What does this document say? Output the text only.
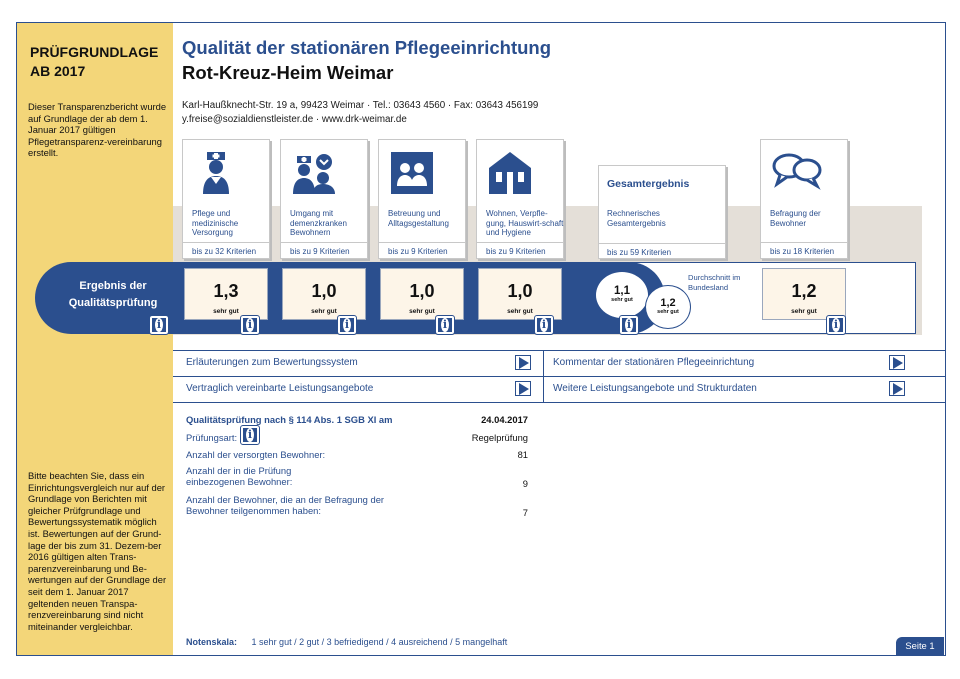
PRÜFGRUNDLAGE
AB 2017
Dieser Transparenzbericht wurde auf Grundlage der ab dem 1. Januar 2017 gültigen Pflegetransparenz-vereinbarung erstellt.
Bitte beachten Sie, dass ein Einrichtungsvergleich nur auf der Grundlage von Berichten mit gleicher Prüfgrundlage und Bewertungssystematik möglich ist. Bewertungen auf der Grund-lage der bis zum 31. Dezem-ber 2016 gültigen alten Trans-parenzvereinbarung und Be-wertungen auf der Grundlage der seit dem 1. Januar 2017 geltenden neuen Transpa-renzvereinbarung sind nicht miteinander vergleichbar.
Qualität der stationären Pflegeeinrichtung
Rot-Kreuz-Heim Weimar
Karl-Haußknecht-Str. 19 a, 99423 Weimar · Tel.: 03643 4560 · Fax: 03643 456199
y.freise@sozialdienstleister.de · www.drk-weimar.de
Pflege und medizinische Versorgung
bis zu 32 Kriterien
Umgang mit demenzkranken Bewohnern
bis zu 9 Kriterien
Betreuung und Alltagsgestaltung
bis zu 9 Kriterien
Wohnen, Verpfle-gung, Hauswirt-schaft und Hygiene
bis zu 9 Kriterien
Gesamtergebnis
Rechnerisches Gesamtergebnis
bis zu 59 Kriterien
Befragung der Bewohner
bis zu 18 Kriterien
Ergebnis der Qualitätsprüfung
1,3
sehr gut
1,0
sehr gut
1,0
sehr gut
1,0
sehr gut
1,1
sehr gut	1,2
sehr gut
Durchschnitt im Bundesland	1,2
sehr gut
i
i
i
i
i
i
i
Erläuterungen zum Bewertungssystem	Kommentar der stationären Pflegeeinrichtung
Vertraglich vereinbarte Leistungsangebote	Weitere Leistungsangebote und Strukturdaten
Qualitätsprüfung nach § 114 Abs. 1 SGB XI am	24.04.2017
Prüfungsart: i	Regelprüfung
Anzahl der versorgten Bewohner:	81
Anzahl der in die Prüfung einbezogenen Bewohner:	9
Anzahl der Bewohner, die an der Befragung der Bewohner teilgenommen haben:	7
Notenskala: 1 sehr gut / 2 gut / 3 befriedigend / 4 ausreichend / 5 mangelhaft	Seite 1
